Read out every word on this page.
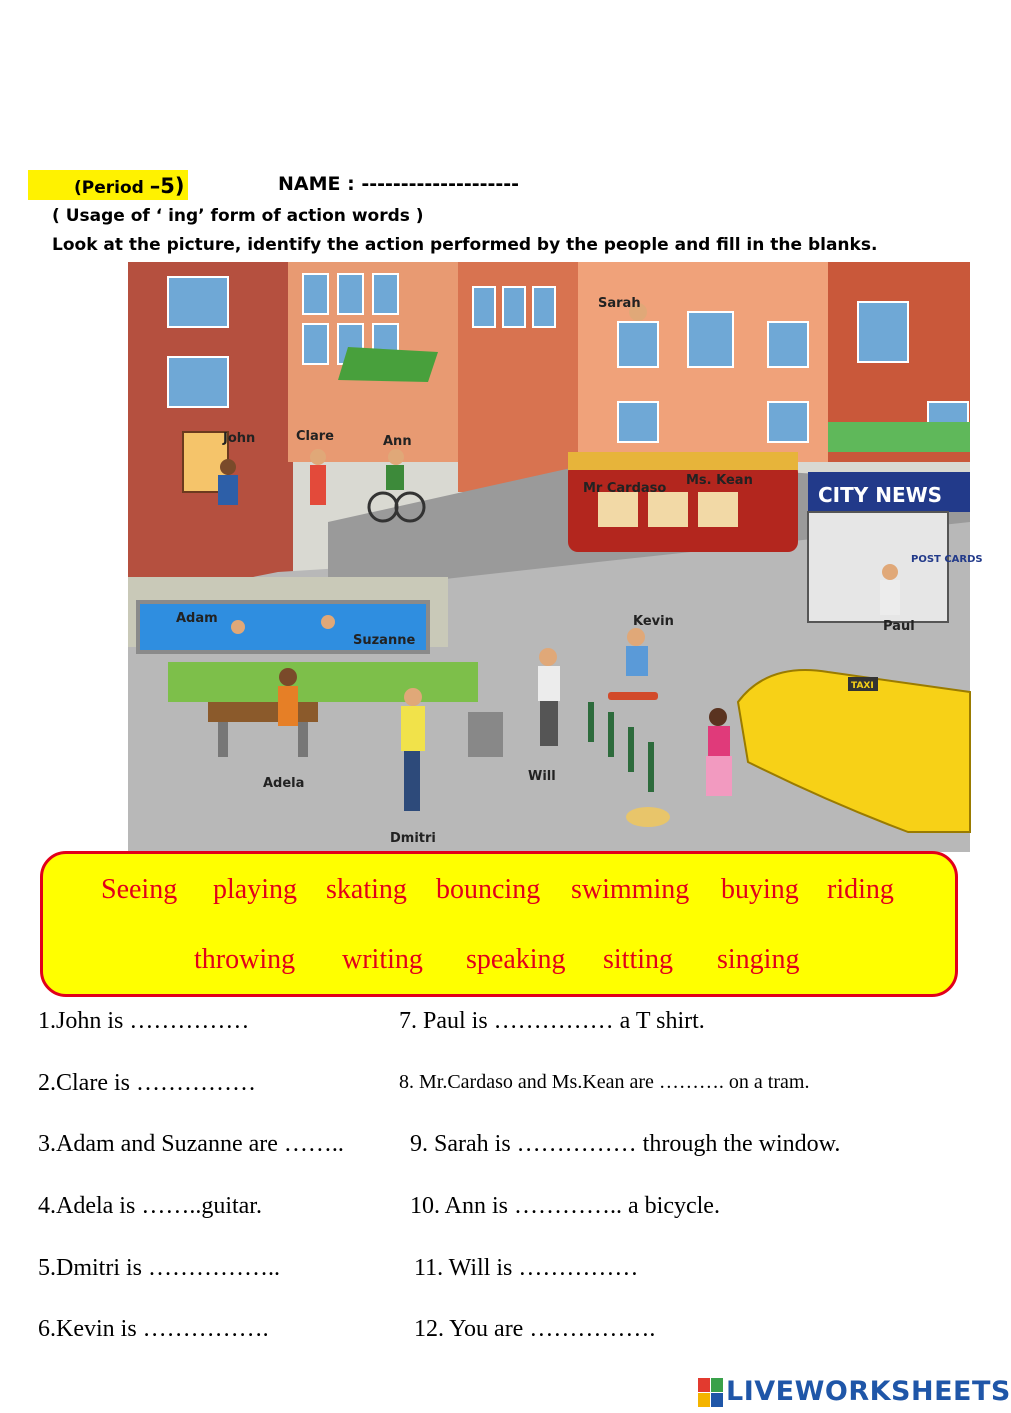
(Period –5)	NAME : --------------------
( Usage of ‘ ing’ form of action words )
Look at the picture, identify the action performed by the people and fill in the blanks.
John	Clare	Ann
Sarah
Mr Cardaso
Ms. Kean
Adam
Suzanne
Kevin	Paul
Adela	Will
Dmitri
CITY NEWS
POST CARDS
TAXI
Seeing playing skating bouncing swimming buying riding
throwing writing speaking sitting singing
1.John is ……………
2.Clare is ……………
3.Adam and Suzanne are ……..
4.Adela is ……..guitar.
5.Dmitri is ……………..
6.Kevin is …………….
7. Paul is …………… a T shirt.
8. Mr.Cardaso and Ms.Kean are ………. on a tram.
9. Sarah is …………… through the window.
10. Ann is ………….. a bicycle.
11. Will is ……………
12. You are …………….
LIVEWORKSHEETS
